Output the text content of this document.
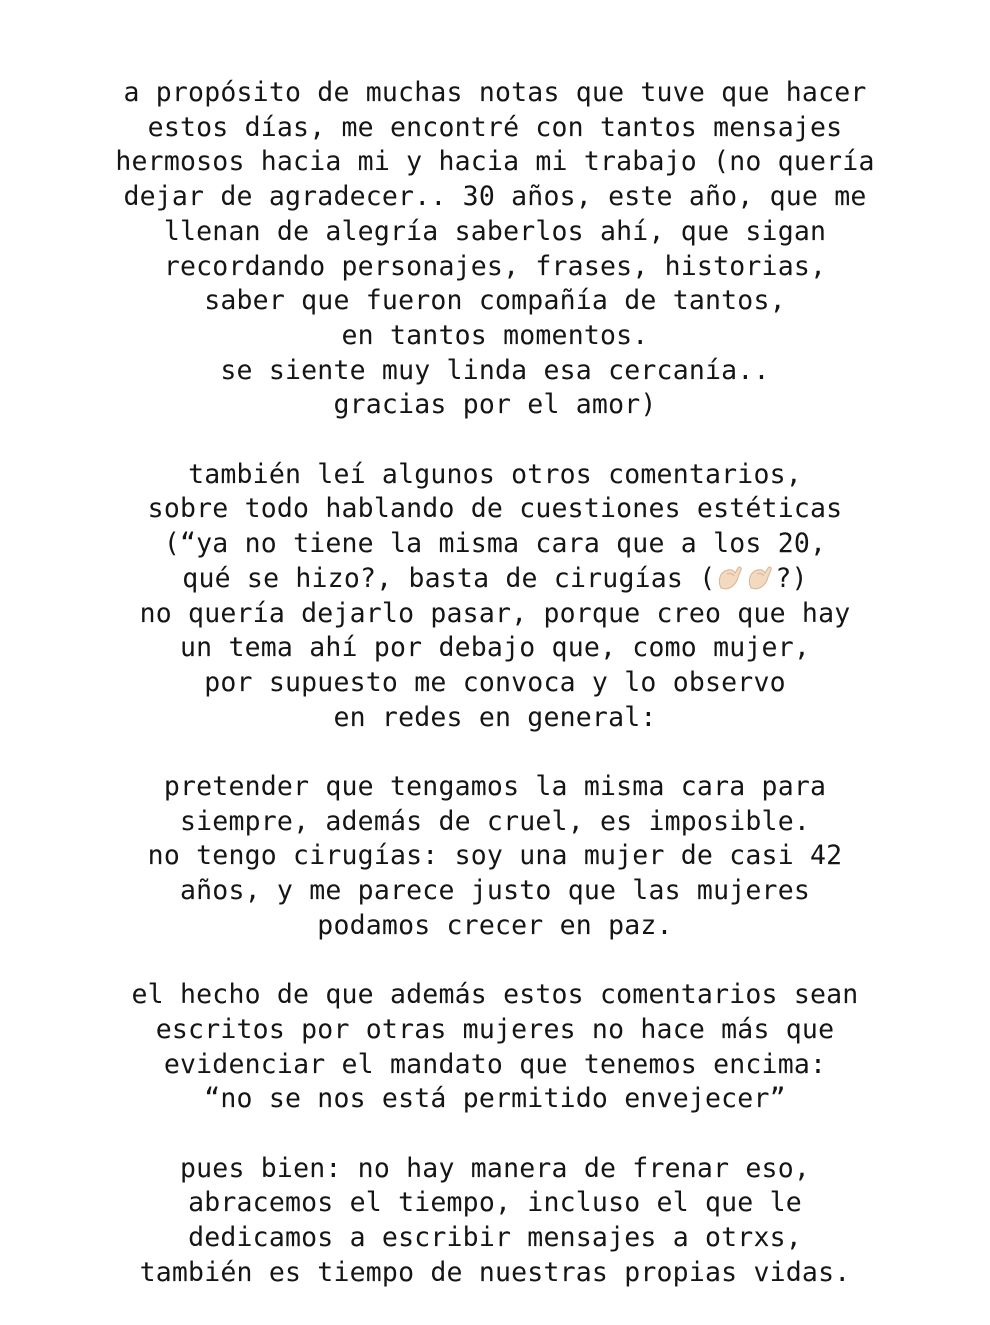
a propósito de muchas notas que tuve que hacer
estos días, me encontré con tantos mensajes
hermosos hacia mi y hacia mi trabajo (no quería
dejar de agradecer.. 30 años, este año, que me
llenan de alegría saberlos ahí, que sigan
recordando personajes, frases, historias,
saber que fueron compañía de tantos,
en tantos momentos.
se siente muy linda esa cercanía..
gracias por el amor)
también leí algunos otros comentarios,
sobre todo hablando de cuestiones estéticas
(“ya no tiene la misma cara que a los 20,
qué se hizo?, basta de cirugías ( ?)
no quería dejarlo pasar, porque creo que hay
un tema ahí por debajo que, como mujer,
por supuesto me convoca y lo observo
en redes en general:
pretender que tengamos la misma cara para
siempre, además de cruel, es imposible.
no tengo cirugías: soy una mujer de casi 42
años, y me parece justo que las mujeres
podamos crecer en paz.
el hecho de que además estos comentarios sean
escritos por otras mujeres no hace más que
evidenciar el mandato que tenemos encima:
“no se nos está permitido envejecer”
pues bien: no hay manera de frenar eso,
abracemos el tiempo, incluso el que le
dedicamos a escribir mensajes a otrxs,
también es tiempo de nuestras propias vidas.
